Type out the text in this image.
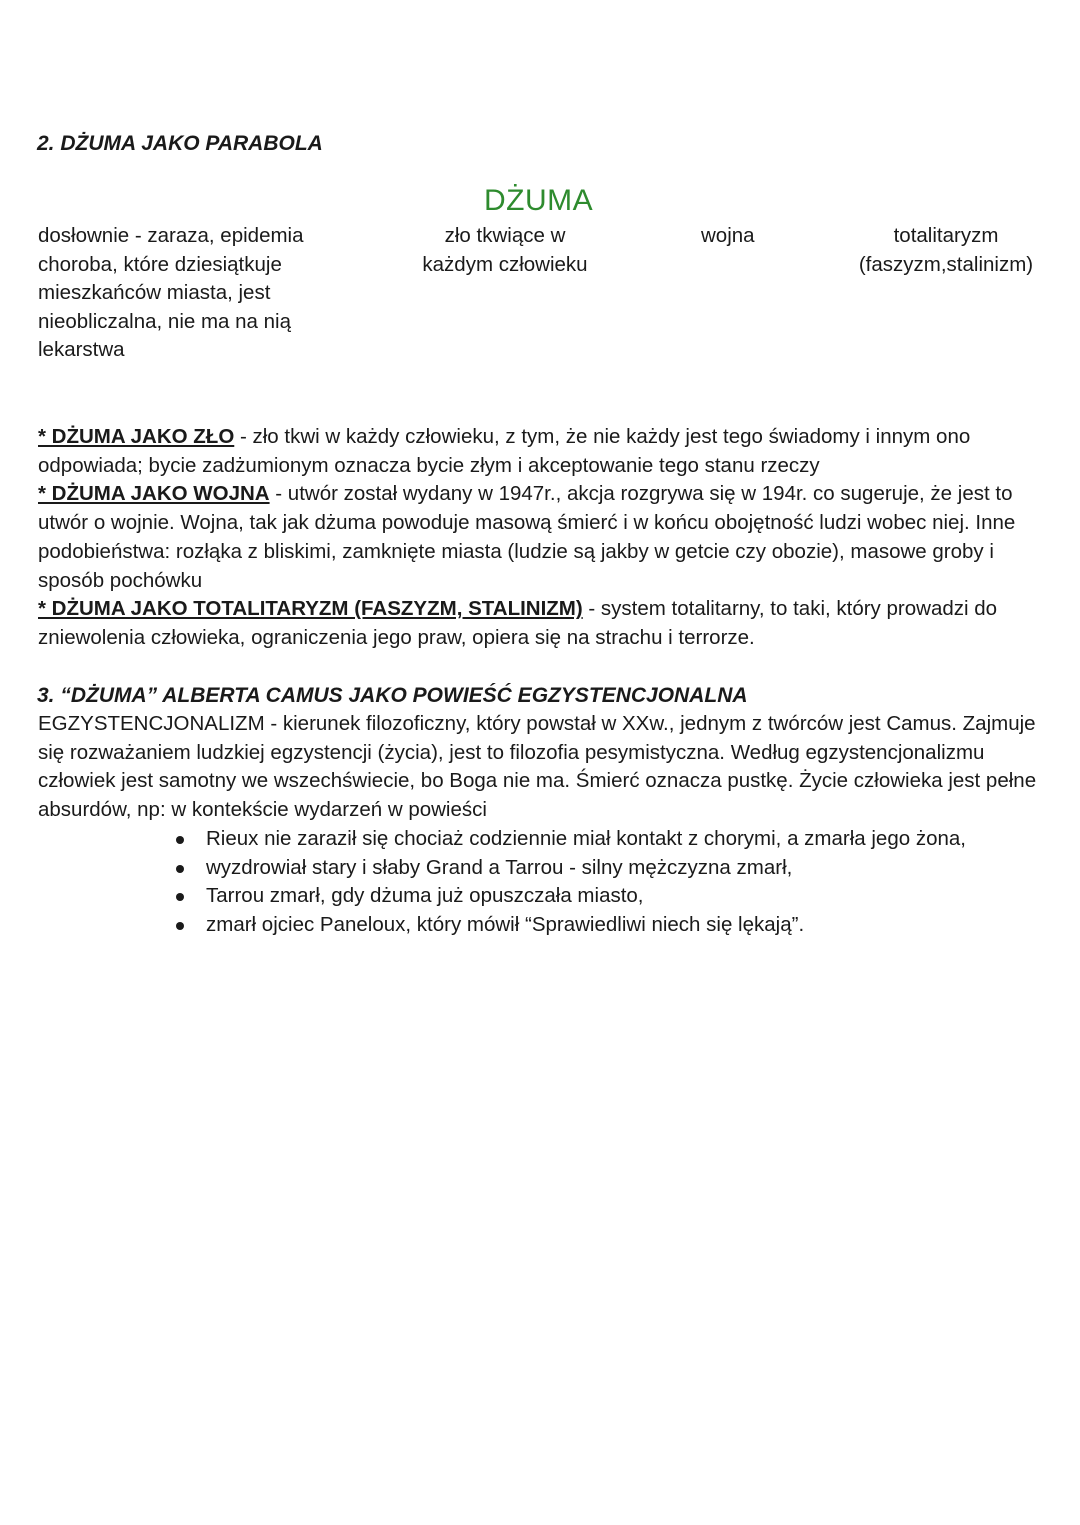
2. DŻUMA JAKO PARABOLA
DŻUMA
dosłownie - zaraza, epidemia choroba, które dziesiątkuje mieszkańców miasta, jest nieobliczalna, nie ma na nią lekarstwa
zło tkwiące w każdym człowieku
wojna	totalitaryzm (faszyzm,stalinizm)
* DŻUMA JAKO ZŁO - zło tkwi w każdy człowieku, z tym, że nie każdy jest tego świadomy i innym ono odpowiada; bycie zadżumionym oznacza bycie złym i akceptowanie tego stanu rzeczy
* DŻUMA JAKO WOJNA - utwór został wydany w 1947r., akcja rozgrywa się w 194r. co sugeruje, że jest to utwór o wojnie. Wojna, tak jak dżuma powoduje masową śmierć i w końcu obojętność ludzi wobec niej. Inne podobieństwa: rozłąka z bliskimi, zamknięte miasta (ludzie są jakby w getcie czy obozie), masowe groby i sposób pochówku
* DŻUMA JAKO TOTALITARYZM (FASZYZM, STALINIZM) - system totalitarny, to taki, który prowadzi do zniewolenia człowieka, ograniczenia jego praw, opiera się na strachu i terrorze.
3. “DŻUMA” ALBERTA CAMUS JAKO POWIEŚĆ EGZYSTENCJONALNA
EGZYSTENCJONALIZM - kierunek filozoficzny, który powstał w XXw., jednym z twórców jest Camus. Zajmuje się rozważaniem ludzkiej egzystencji (życia), jest to filozofia pesymistyczna. Według egzystencjonalizmu człowiek jest samotny we wszechświecie, bo Boga nie ma. Śmierć oznacza pustkę. Życie człowieka jest pełne absurdów, np: w kontekście wydarzeń w powieści
Rieux nie zaraził się chociaż codziennie miał kontakt z chorymi, a zmarła jego żona,
wyzdrowiał stary i słaby Grand a Tarrou - silny mężczyzna zmarł,
Tarrou zmarł, gdy dżuma już opuszczała miasto,
zmarł ojciec Paneloux, który mówił “Sprawiedliwi niech się lękają”.
